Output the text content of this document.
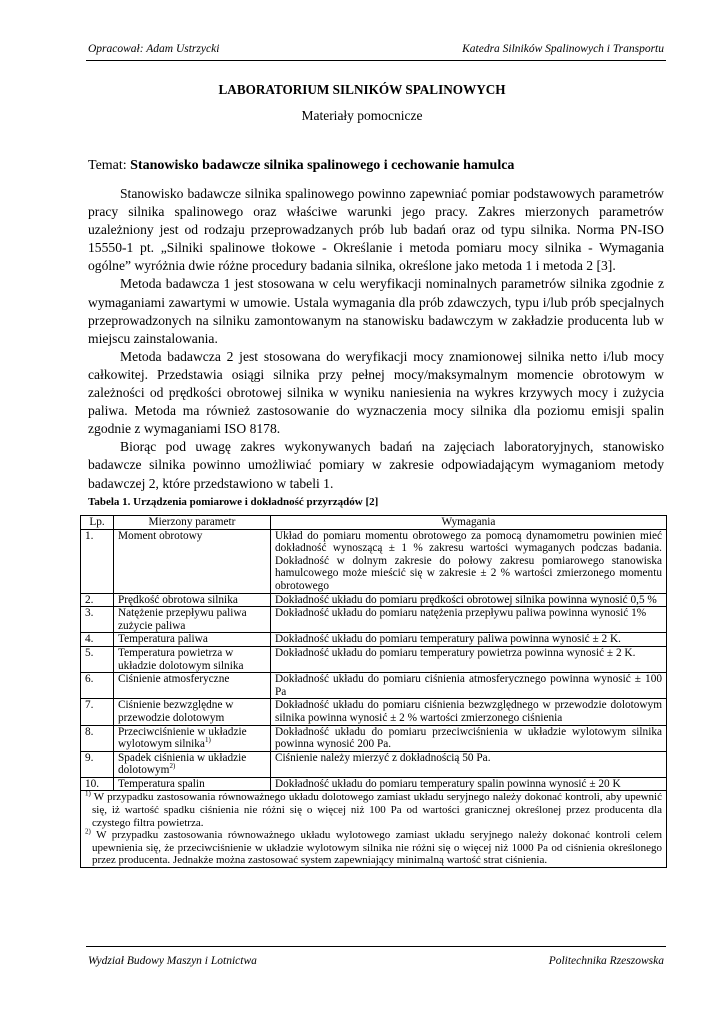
Opracował: Adam Ustrzycki	Katedra Silników Spalinowych i Transportu
LABORATORIUM SILNIKÓW SPALINOWYCH
Materiały pomocnicze
Temat: Stanowisko badawcze silnika spalinowego i cechowanie hamulca

Stanowisko badawcze silnika spalinowego powinno zapewniać pomiar podstawowych parametrów pracy silnika spalinowego oraz właściwe warunki jego pracy. Zakres mierzonych parametrów uzależniony jest od rodzaju przeprowadzanych prób lub badań oraz od typu silnika. Norma PN-ISO 15550-1 pt. „Silniki spalinowe tłokowe - Określanie i metoda pomiaru mocy silnika - Wymagania ogólne” wyróżnia dwie różne procedury badania silnika, określone jako metoda 1 i metoda 2 [3].

Metoda badawcza 1 jest stosowana w celu weryfikacji nominalnych parametrów silnika zgodnie z wymaganiami zawartymi w umowie. Ustala wymagania dla prób zdawczych, typu i/lub prób specjalnych przeprowadzonych na silniku zamontowanym na stanowisku badawczym w zakładzie producenta lub w miejscu zainstalowania.

Metoda badawcza 2 jest stosowana do weryfikacji mocy znamionowej silnika netto i/lub mocy całkowitej. Przedstawia osiągi silnika przy pełnej mocy/maksymalnym momencie obrotowym w zależności od prędkości obrotowej silnika w wyniku naniesienia na wykres krzywych mocy i zużycia paliwa. Metoda ma również zastosowanie do wyznaczenia mocy silnika dla poziomu emisji spalin zgodnie z wymaganiami ISO 8178.

Biorąc pod uwagę zakres wykonywanych badań na zajęciach laboratoryjnych, stanowisko badawcze silnika powinno umożliwiać pomiary w zakresie odpowiadającym wymaganiom metody badawczej 2, które przedstawiono w tabeli 1.

Tabela 1. Urządzenia pomiarowe i dokładność przyrządów [2]
Lp.	Mierzony parametr	Wymagania
1.	Moment obrotowy	Układ do pomiaru momentu obrotowego za pomocą dynamometru powinien mieć dokładność wynoszącą ± 1 % zakresu wartości wymaganych podczas badania. Dokładność w dolnym zakresie do połowy zakresu pomiarowego stanowiska hamulcowego może mieścić się w zakresie ± 2 % wartości zmierzonego momentu obrotowego
2.	Prędkość obrotowa silnika	Dokładność układu do pomiaru prędkości obrotowej silnika powinna wynosić 0,5 %
3.	Natężenie przepływu paliwa zużycie paliwa	Dokładność układu do pomiaru natężenia przepływu paliwa powinna wynosić 1%
4.	Temperatura paliwa	Dokładność układu do pomiaru temperatury paliwa powinna wynosić ± 2 K.
5.	Temperatura powietrza w układzie dolotowym silnika	Dokładność układu do pomiaru temperatury powietrza powinna wynosić ± 2 K.
6.	Ciśnienie atmosferyczne	Dokładność układu do pomiaru ciśnienia atmosferycznego powinna wynosić ± 100 Pa
7.	Ciśnienie bezwzględne w przewodzie dolotowym	Dokładność układu do pomiaru ciśnienia bezwzględnego w przewodzie dolotowym silnika powinna wynosić ± 2 % wartości zmierzonego ciśnienia
8.	Przeciwciśnienie w układzie wylotowym silnika$^{1)}$	Dokładność układu do pomiaru przeciwciśnienia w układzie wylotowym silnika powinna wynosić 200 Pa.
9.	Spadek ciśnienia w układzie dolotowym$^{2)}$	Ciśnienie należy mierzyć z dokładnością 50 Pa.
10.	Temperatura spalin	Dokładność układu do pomiaru temperatury spalin powinna wynosić ± 20 K

$^{1)}$ W przypadku zastosowania równoważnego układu dolotowego zamiast układu seryjnego należy dokonać kontroli, aby upewnić się, iż wartość spadku ciśnienia nie różni się o więcej niż 100 Pa od wartości granicznej określonej przez producenta dla czystego filtra powietrza.
$^{2)}$ W przypadku zastosowania równoważnego układu wylotowego zamiast układu seryjnego należy dokonać kontroli celem upewnienia się, że przeciwciśnienie w układzie wylotowym silnika nie różni się o więcej niż 1000 Pa od ciśnienia określonego przez producenta. Jednakże można zastosować system zapewniający minimalną wartość strat ciśnienia.		
Wydział Budowy Maszyn i Lotnictwa	Politechnika Rzeszowska
